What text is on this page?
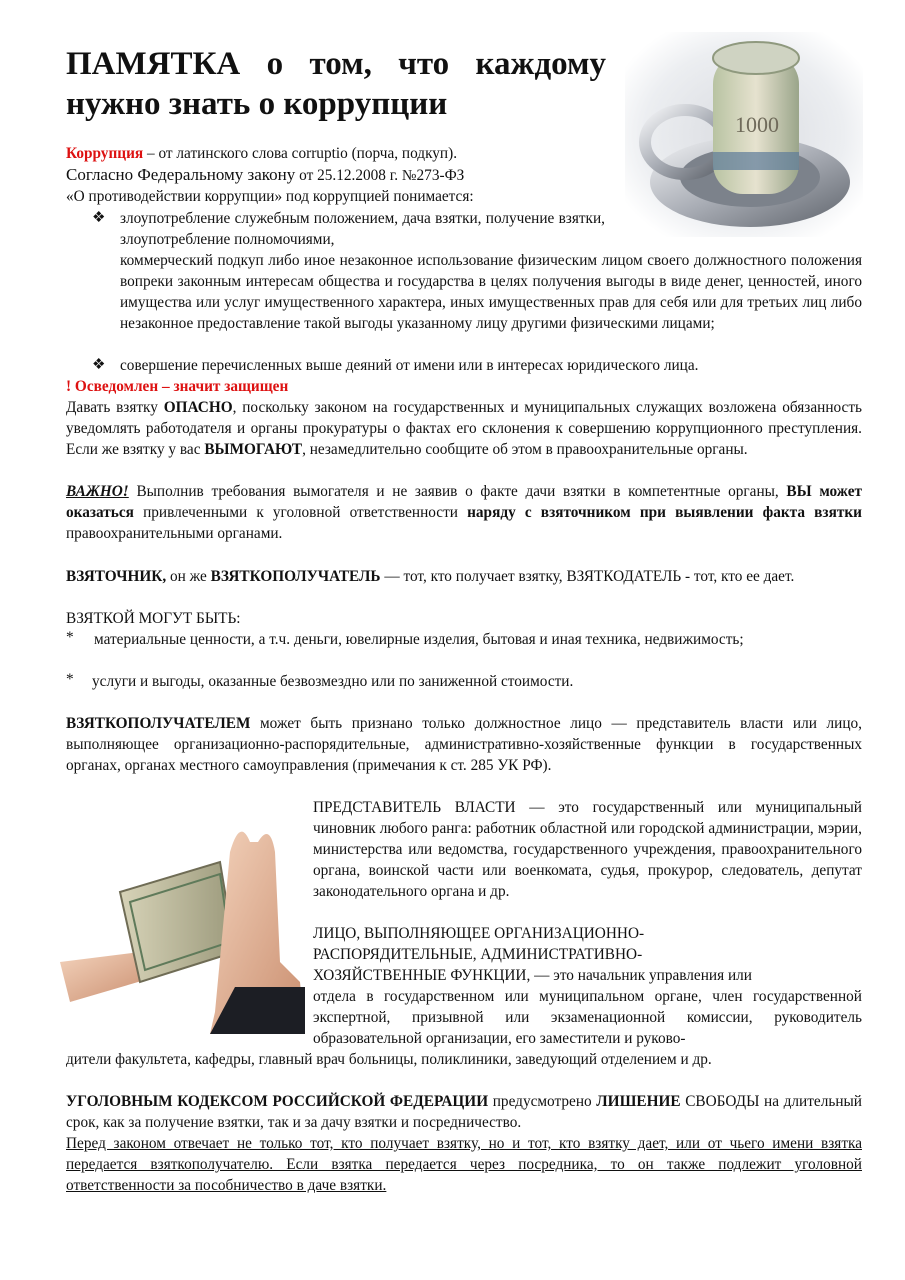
ПАМЯТКА о том, что каждому
нужно знать о коррупции
1000
Коррупция – от латинского слова corruptio (порча, подкуп).
Согласно Федеральному закону от 25.12.2008 г. №273-ФЗ
«О противодействии коррупции» под коррупцией понимается:
❖ злоупотребление служебным положением, дача взятки, получение взятки, злоупотребление полномочиями,
коммерческий подкуп либо иное незаконное использование физическим лицом своего должностного положения вопреки законным интересам общества и государства в целях получения выгоды в виде денег, ценностей, иного имущества или услуг имущественного характера, иных имущественных прав для себя или для третьих лиц либо незаконное предоставление такой выгоды указанному лицу другими физическими лицами;
❖ совершение перечисленных выше деяний от имени или в интересах юридического лица.
! Осведомлен – значит защищен
Давать взятку ОПАСНО, поскольку законом на государственных и муниципальных служащих возложена обязанность уведомлять работодателя и органы прокуратуры о фактах его склонения к совершению коррупционного преступления. Если же взятку у вас ВЫМОГАЮТ, незамедлительно сообщите об этом в правоохранительные органы.
ВАЖНО! Выполнив требования вымогателя и не заявив о факте дачи взятки в компетентные органы, ВЫ может оказаться привлеченными к уголовной ответственности наряду с взяточником при выявлении факта взятки правоохранительными органами.
ВЗЯТОЧНИК, он же ВЗЯТКОПОЛУЧАТЕЛЬ — тот, кто получает взятку, ВЗЯТКОДАТЕЛЬ - тот, кто ее дает.
ВЗЯТКОЙ МОГУТ БЫТЬ:
*	материальные ценности, а т.ч. деньги, ювелирные изделия, бытовая и иная техника, недвижимость;
* услуги и выгоды, оказанные безвозмездно или по заниженной стоимости.
ВЗЯТКОПОЛУЧАТЕЛЕМ может быть признано только должностное лицо — представитель власти или лицо, выполняющее организационно-распорядительные, административно-хозяйственные функции в государственных органах, органах местного самоуправления (примечания к ст. 285 УК РФ).
ПРЕДСТАВИТЕЛЬ ВЛАСТИ — это государственный или муниципальный чиновник любого ранга: работник областной или городской администрации, мэрии, министерства или ведомства, государственного учреждения, правоохранительного органа, воинской части или военкомата, судья, прокурор, следователь, депутат законодательного органа и др.
ЛИЦО, ВЫПОЛНЯЮЩЕЕ ОРГАНИЗАЦИОННО-
РАСПОРЯДИТЕЛЬНЫЕ, АДМИНИСТРАТИВНО-
ХОЗЯЙСТВЕННЫЕ ФУНКЦИИ, — это начальник управления или
отдела в государственном или муниципальном органе, член государственной экспертной, призывной или экзаменационной комиссии, руководитель образовательной организации, его заместители и руково-
дители факультета, кафедры, главный врач больницы, поликлиники, заведующий отделением и др.
УГОЛОВНЫМ КОДЕКСОМ РОССИЙСКОЙ ФЕДЕРАЦИИ предусмотрено ЛИШЕНИЕ СВОБОДЫ на длительный срок, как за получение взятки, так и за дачу взятки и посредничество.
Перед законом отвечает не только тот, кто получает взятку, но и тот, кто взятку дает, или от чьего имени взятка передается взяткополучателю. Если взятка передается через посредника, то он также подлежит уголовной ответственности за пособничество в даче взятки.
